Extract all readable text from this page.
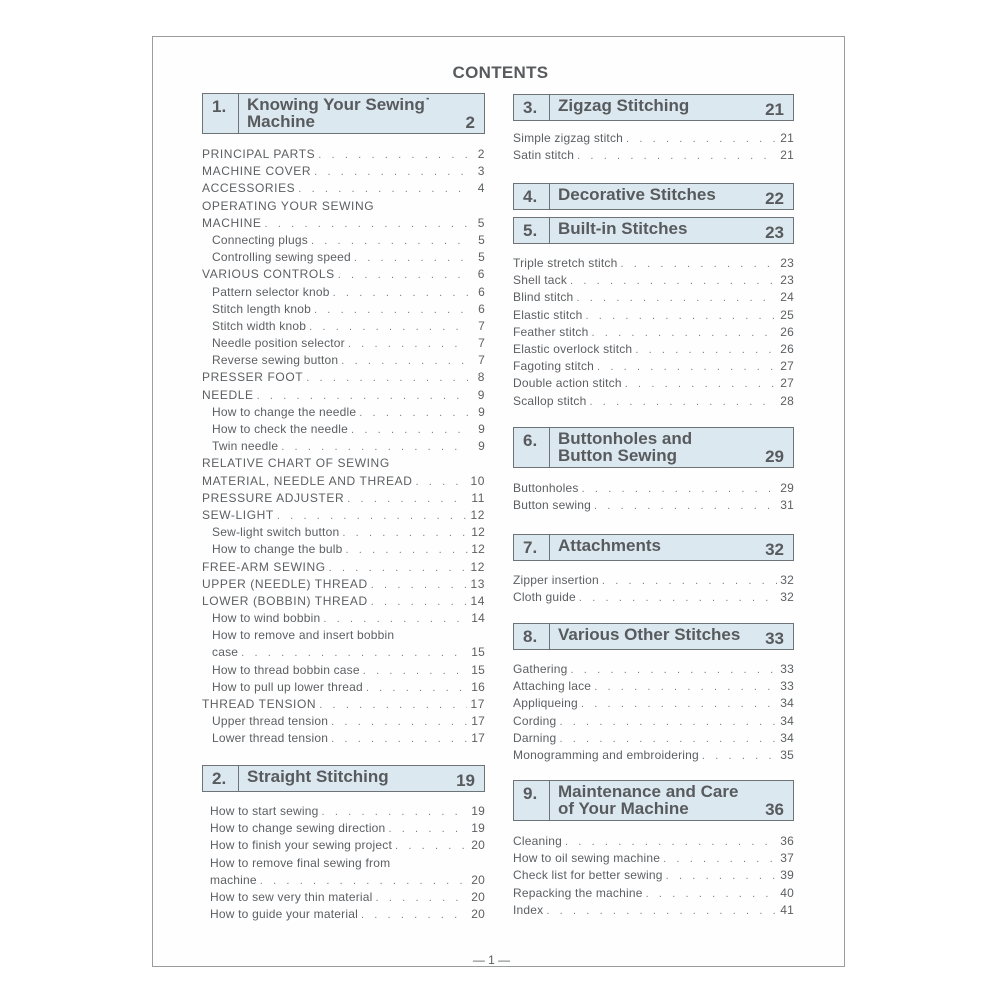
CONTENTS
1.	Knowing Your Sewing˙
Machine	2
PRINCIPAL PARTS . . .	2
MACHINE COVER . . .	3
ACCESSORIES . . .	4
OPERATING YOUR SEWING
MACHINE . . .	5
Connecting plugs . . .	5
Controlling sewing speed . . .	5
VARIOUS CONTROLS . . .	6
Pattern selector knob . . .	6
Stitch length knob . . .	6
Stitch width knob . . .	7
Needle position selector . . .	7
Reverse sewing button . . .	7
PRESSER FOOT . . .	8
NEEDLE . . .	9
How to change the needle . . .	9
How to check the needle . . .	9
Twin needle . . .	9
RELATIVE CHART OF SEWING
MATERIAL, NEEDLE AND THREAD . . .	10
PRESSURE ADJUSTER . . .	11
SEW-LIGHT . . .	12
Sew-light switch button . . .	12
How to change the bulb . . .	12
FREE-ARM SEWING . . .	12
UPPER (NEEDLE) THREAD . . .	13
LOWER (BOBBIN) THREAD . . .	14
How to wind bobbin . . .	14
How to remove and insert bobbin
case . . .	15
How to thread bobbin case . . .	15
How to pull up lower thread . . .	16
THREAD TENSION . . .	17
Upper thread tension . . .	17
Lower thread tension . . .	17
2.	Straight Stitching	19
How to start sewing . . .	19
How to change sewing direction . . .	19
How to finish your sewing project . . .	20
How to remove final sewing from
machine . . .	20
How to sew very thin material . . .	20
How to guide your material . . .	20
3.	Zigzag Stitching	21
Simple zigzag stitch . . .	21
Satin stitch . . .	21
4.	Decorative Stitches	22
5.	Built-in Stitches	23
Triple stretch stitch . . .	23
Shell tack . . .	23
Blind stitch . . .	24
Elastic stitch . . .	25
Feather stitch . . .	26
Elastic overlock stitch . . .	26
Fagoting stitch . . .	27
Double action stitch . . .	27
Scallop stitch . . .	28
6.	Buttonholes and
Button Sewing	29
Buttonholes . . .	29
Button sewing . . .	31
7.	Attachments	32
Zipper insertion . . .	32
Cloth guide . . .	32
8.	Various Other Stitches 33
Gathering . . .	33
Attaching lace . . .	33
Appliqueing . . .	34
Cording . . .	34
Darning . . .	34
Monogramming and embroidering . . .	35
9.	Maintenance and Care
of Your Machine	36
Cleaning . . .	36
How to oil sewing machine . . .	37
Check list for better sewing . . .	39
Repacking the machine . . .	40
Index . . .	41
— 1 —
